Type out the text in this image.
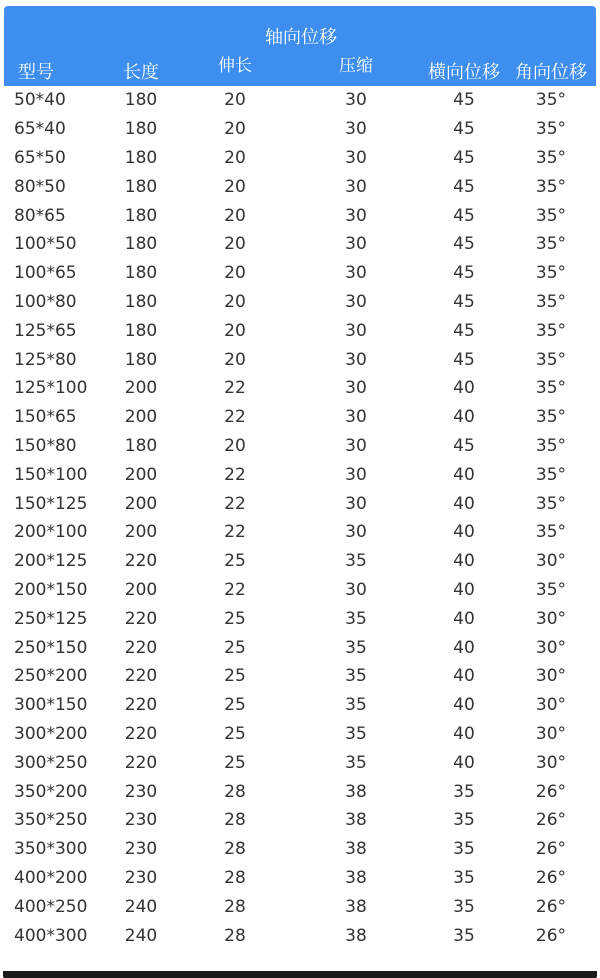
型号	长度	轴向位移		横向位移	角向位移
		伸长	压缩		
50*40	180	20	30	45	35°
65*40	180	20	30	45	35°
65*50	180	20	30	45	35°
80*50	180	20	30	45	35°
80*65	180	20	30	45	35°
100*50	180	20	30	45	35°
100*65	180	20	30	45	35°
100*80	180	20	30	45	35°
125*65	180	20	30	45	35°
125*80	180	20	30	45	35°
125*100	200	22	30	40	35°
150*65	200	22	30	40	35°
150*80	180	20	30	45	35°
150*100	200	22	30	40	35°
150*125	200	22	30	40	35°
200*100	200	22	30	40	35°
200*125	220	25	35	40	30°
200*150	200	22	30	40	35°
250*125	220	25	35	40	30°
250*150	220	25	35	40	30°
250*200	220	25	35	40	30°
300*150	220	25	35	40	30°
300*200	220	25	35	40	30°
300*250	220	25	35	40	30°
350*200	230	28	38	35	26°
350*250	230	28	38	35	26°
350*300	230	28	38	35	26°
400*200	230	28	38	35	26°
400*250	240	28	38	35	26°
400*300	240	28	38	35	26°
